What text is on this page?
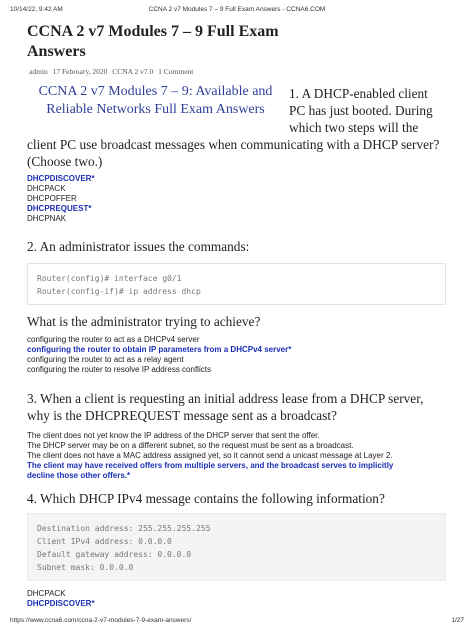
10/14/22, 9:42 AM	CCNA 2 v7 Modules 7 – 9 Full Exam Answers - CCNA6.COM
CCNA 2 v7 Modules 7 – 9 Full Exam Answers
admin 17 February, 2020 CCNA 2 v7.0 1 Comment
CCNA 2 v7 Modules 7 – 9: Available and Reliable Networks Full Exam Answers
1. A DHCP-enabled client PC has just booted. During which two steps will the client PC use broadcast messages when communicating with a DHCP server? (Choose two.)
DHCPDISCOVER*
DHCPACK
DHCPOFFER
DHCPREQUEST*
DHCPNAK
2. An administrator issues the commands:
Router(config)# interface g0/1
Router(config-if)# ip address dhcp
What is the administrator trying to achieve?
configuring the router to act as a DHCPv4 server
configuring the router to obtain IP parameters from a DHCPv4 server*
configuring the router to act as a relay agent
configuring the router to resolve IP address conflicts
3. When a client is requesting an initial address lease from a DHCP server, why is the DHCPREQUEST message sent as a broadcast?
The client does not yet know the IP address of the DHCP server that sent the offer.
The DHCP server may be on a different subnet, so the request must be sent as a broadcast.
The client does not have a MAC address assigned yet, so it cannot send a unicast message at Layer 2.
The client may have received offers from multiple servers, and the broadcast serves to implicitly
decline those other offers.*
4. Which DHCP IPv4 message contains the following information?
Destination address: 255.255.255.255
Client IPv4 address: 0.0.0.0
Default gateway address: 0.0.0.0
Subnet mask: 0.0.0.0
DHCPACK
DHCPDISCOVER*
https://www.ccna6.com/ccna-2-v7-modules-7-9-exam-answers/	1/27
